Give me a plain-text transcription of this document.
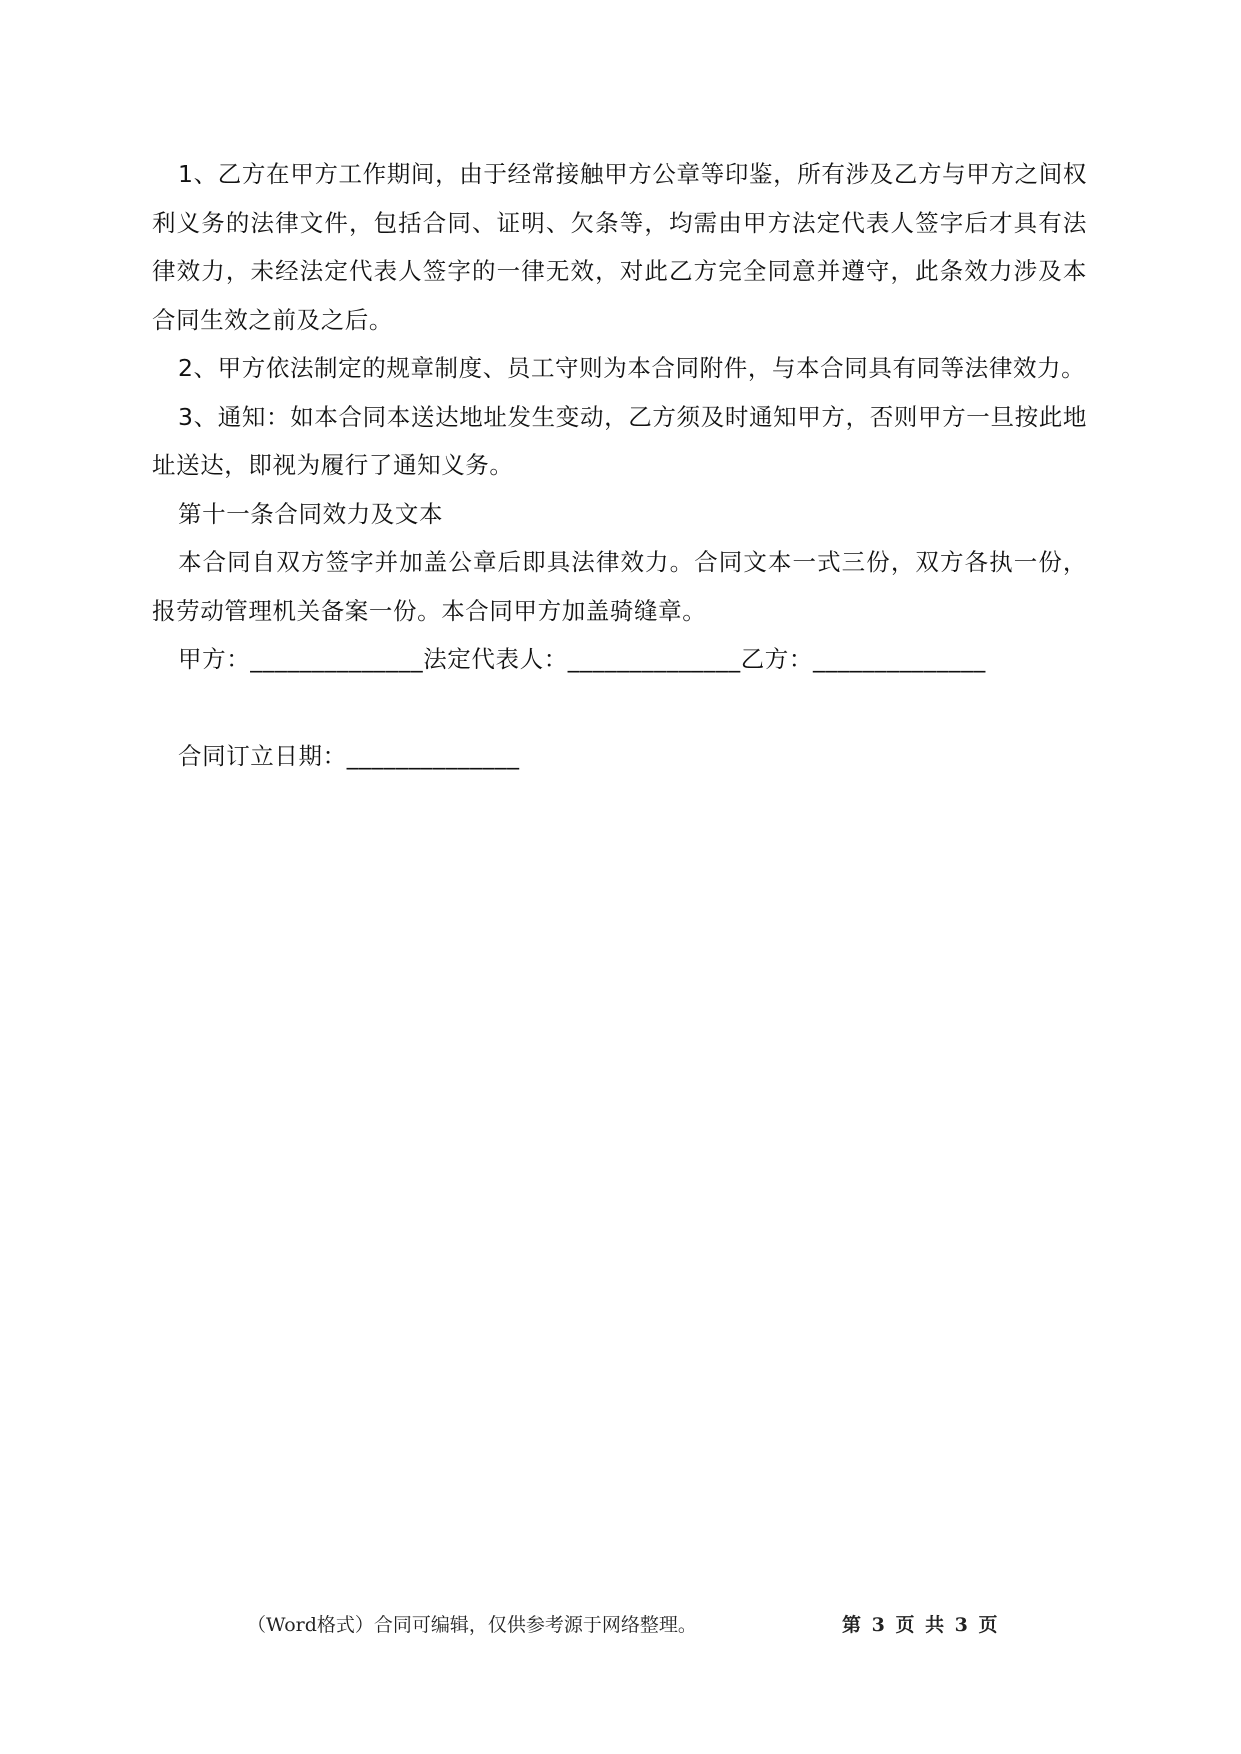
1、乙方在甲方工作期间，由于经常接触甲方公章等印鉴，所有涉及乙方与甲方之间权利义务的法律文件，包括合同、证明、欠条等，均需由甲方法定代表人签字后才具有法律效力，未经法定代表人签字的一律无效，对此乙方完全同意并遵守，此条效力涉及本合同生效之前及之后。

2、甲方依法制定的规章制度、员工守则为本合同附件，与本合同具有同等法律效力。

3、通知：如本合同本送达地址发生变动，乙方须及时通知甲方，否则甲方一旦按此地址送达，即视为履行了通知义务。

第十一条合同效力及文本

本合同自双方签字并加盖公章后即具法律效力。合同文本一式三份，双方各执一份，报劳动管理机关备案一份。本合同甲方加盖骑缝章。

甲方：______________法定代表人：______________乙方：______________

合同订立日期：______________

（Word格式）合同可编辑，仅供参考源于网络整理。	第 3 页 共 3 页
